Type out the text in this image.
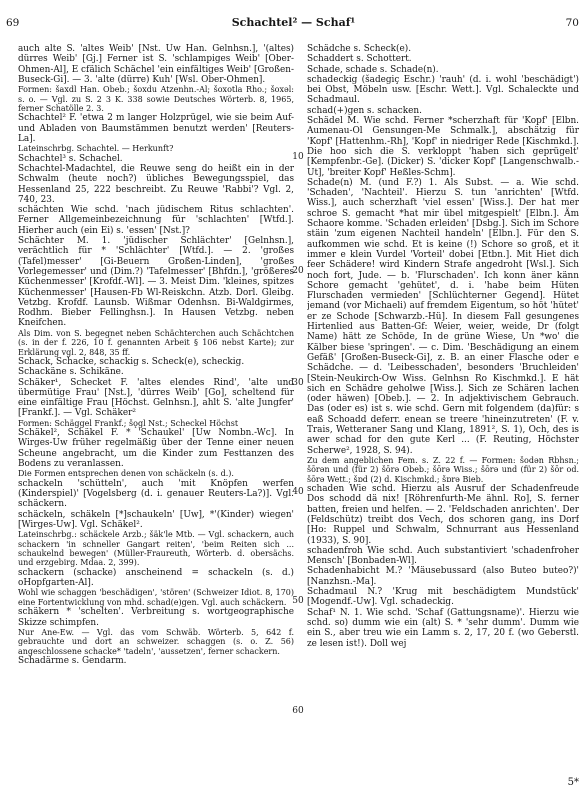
69	Schachtel² — Schaf¹	70

auch alte S. 'altes Weib' [Nst. Uw Han. Gelnhsn.], '(altes) dürres Weib' [Gj.] Ferner ist S. 'schlampiges Weib' [Ober-Ohmen-Al], E cfälich Schächel 'ein einfältiges Weib' [Großen-Buseck-Gi]. — 3. 'alte (dürre) Kuh' [Wsl. Ober-Ohmen].

Formen: šaxdl Han. Obeb.; šoxdu Atzenhn.-Al; šoxotla Rho.; šoxəl: s. o. — Vgl. zu S. 2 3 K. 338 sowie Deutsches Wörterb. 8, 1965, ferner Schatölle 2. 3.

Schachtel² F. 'etwa 2 m langer Holzprügel, wie sie beim Auf- und Abladen von Baumstämmen benutzt werden' [Reuters-La].

Lateinschrbg. Schachtel. — Herkunft?

Schachtel³ s. Schachel.

Schachtel-Madachtel, die Reuwe seng do heißt ein in der Schwalm (heute noch?) übliches Bewegungsspiel, das Hessenland 25, 222 beschreibt. Zu Reuwe 'Rabbi'? Vgl. 2, 740, 23.

schächten Wie schd. 'nach jüdischem Ritus schlachten'. Ferner Allgemeinbezeichnung für 'schlachten' [Wtfd.]. Hierher auch (ein Ei) s. 'essen' [Nst.]?

Schächter M. 1. 'jüdischer Schlächter' [Gelnhsn.], verächtlich für * 'Schlächter' [Wtfd.]. — 2. 'großes (Tafel)messer' [Gi-Beuern Großen-Linden], 'großes Vorlegemesser' und (Dim.?) 'Tafelmesser' [Bhfdn.], 'größeres Küchenmesser' [Krofdf.-Wl]. — 3. Meist Dim. 'kleines, spitzes Küchenmesser' [Hausen-Fb Wl-Reiskchn. Atzb. Dorl. Gleibg. Vetzbg. Krofdf. Launsb. Wißmar Odenhsn. Bi-Waldgirmes, Rodhm. Bieber Fellinghsn.]. In Hausen Vetzbg. neben Kneifchen.

Als Dim. von S. begegnet neben Schächterchen auch Schächtchen (s. in der f. 226, 10 f. genannten Arbeit § 106 nebst Karte); zur Erklärung vgl. 2, 848, 35 ff.

Schack, Schacke, schackig s. Scheck(e), scheckig.

Schackäne s. Schikäne.

Schäker¹, Schecket F. 'altes elendes Rind', 'alte und übermütige Frau' [Nst.], 'dürres Weib' [Go], scheltend für eine einfältige Frau [Höchst. Gelnhsn.], ahlt S. 'alte Jungfer' [Frankf.]. — Vgl. Schäker²

Formen: Schäggel Frankf.; šǫgl Nst.; Scheckel Höchst

Schäkel², Schäkel F. * 'Schaukel' [Uw Nombn.-Wc]. In Wirges-Uw früher regelmäßig über der Tenne einer neuen Scheune angebracht, um die Kinder zum Festtanzen des Bodens zu veranlassen.

Die Formen entsprechen denen von schäckeln (s. d.).

schackeln 'schütteln', auch 'mit Knöpfen werfen (Kinderspiel)' [Vogelsberg (d. i. genauer Reuters-La?)]. Vgl. schäckern.

schäckeln, schäkeln [*]schaukeln' [Uw], *'(Kinder) wiegen' [Wirges-Uw]. Vgl. Schäkel².

Lateinschrbg.: schäckele Arzb.; šäk'le Mtb. — Vgl. schackern, auch schackern 'in schneller Gangart reiten', 'beim Reiten sich ... schaukelnd bewegen' (Müller-Fraureuth, Wörterb. d. obersächs. und erzgebirg. Mdaa. 2, 399).

schackern (schacke) anscheinend = schackeln (s. d.) oHopfgarten-Al].

Wohl wie schaggen 'beschädigen', 'stören' (Schweizer Idiot. 8, 170) eine Fortentwicklung von mhd. schad(e)gen. Vgl. auch schäckern.

schäkern * 'schelten'. Verbreitung s. wortgeographische Skizze schimpfen.

Nur Ane-Ew. — Vgl. das vom Schwäb. Wörterb. 5, 642 f. gebrauchte und dort an schweizer. schaggen (s. o. Z. 56) angeschlossene schacke* 'tadeln', 'aussetzen', ferner schackern.

Schadärme s. Gendarm.

10
20
30
40
50
60

Schädche s. Scheck(e).

Schaddert s. Schottert.

Schade, schade s. Schade(n).

schadeckig (šadegiç Eschr.) 'rauh' (d. i. wohl 'beschädigt') bei Obst, Möbeln usw. [Eschr. Wett.]. Vgl. Schaleckte und Schadmaul.

schad(+)gen s. schacken.

Schädel M. Wie schd. Ferner *scherzhaft für 'Kopf' [Elbn. Aumenau-Ol Gensungen-Me Schmalk.], abschätzig für 'Kopf' [Hattenhm.-Rh], 'Kopf' in niedriger Rede [Kischmkd.]. Die hoo sich die S. verkloppt 'haben sich geprügelt' [Kempfenbr.-Ge]. (Dicker) S. 'dicker Kopf' [Langenschwalb.-Ut], 'breiter Kopf' Heßles-Schm].

Schade(n) M. (und F.?) 1. Als Subst. — a. Wie schd. 'Schaden', 'Nachteil'. Hierzu S. tun 'anrichten' [Wtfd. Wiss.], auch scherzhaft 'viel essen' [Wiss.]. Der hat mer schroe S. gemacht *hat mir übel mitgespielt' [Elbn.]. Äm Schaore komme. 'Schaden erleiden' [Dsbg.]. Sich im Schore stäin 'zum eigenen Nachteil handeln' [Elbn.]. Für den S. aufkommen wie schd. Et is keine (!) Schore so groß, et it immer e klein Vurdel 'Vorteil' dobei [Etbn.]. Mit Hiet dich feer Schädere! wird Kindern Strafe angedroht [Wsl.]. Sich noch fort, Jude. — b. 'Flurschaden'. Ich konn äner känn Schore gemacht 'gehütet', d. i. 'habe beim Hüten Flurschaden vermieden' [Schlüchterner Gegend]. Hütet jemand (vor Michaeli) auf fremdem Eigentum, so höt 'hütet' er ze Schode [Schwarzb.-Hü]. In diesem Fall gesungenes Hirtenlied aus Batten-Gf: Weier, weier, weide, Dr (folgt Name) hätt ze Schöde, In de grüne Wiese, Un *wo' die Kälber biese 'springen'. — c. Dim. 'Beschädigung an einem Gefäß' [Großen-Buseck-Gi], z. B. an einer Flasche oder e Schädche. — d. 'Leibesschaden', besonders 'Bruchleiden' [Stein-Neukirch-Ow Wiss. Gelnhsn Ro Kischmkd.]. E hät sich en Schädre geholwe [Wiss.]. Sich ze Schären lachen (oder häwen) [Obeb.]. — 2. In adjektivischem Gebrauch. Das (oder es) ist s. wie schd. Gern mit folgendem (da)für: s eaß Schoadd deferr. enean se treere 'hineinzutreten' (F. v. Trais, Wetteraner Sang und Klang, 1891², S. 1), Och, des is awer schad for den gute Kerl ... (F. Reuting, Höchster Scherwe², 1928, S. 94).

Zu dem angeblichen Fem. s. Z. 22 f. — Formen: šodən Rbhsn.; šōrən und (für 2) šōrə Obeb.; šōrə Wiss.; šōrə und (für 2) šōr od. šōrə Wett.; šɒd (2) d. Kischmkd.; šɒrə Bieb.

schaden Wie schd. Hierzu als Ausruf der Schadenfreude Dos schodd dä nix! [Röhrenfurth-Me ähnl. Ro], S. ferner batten, freien und helfen. — 2. 'Feldschaden anrichten'. Der (Feldschütz) treibt dos Vech, dos schoren gang, ins Dorf [Ho: Ruppel und Schwalm, Schnurrant aus Hessenland (1933), S. 90].

schadenfroh Wie schd. Auch substantiviert 'schadenfroher Mensch' [Bonbaden-Wl].

Schadenhabicht M.? 'Mäusebussard (also Buteo buteo?)' [Nanzhsn.-Ma].

Schadmaul N.? 'Krug mit beschädigtem Mundstück' [Mogendf.-Uw]. Vgl. schadeckig.

Schaf¹ N. 1. Wie schd. 'Schaf (Gattungsname)'. Hierzu wie schd. so) dumm wie ein (alt) S. * 'sehr dumm'. Dumm wie ein S., aber treu wie ein Lamm s. 2, 17, 20 f. (wo Geberstl. ze lesen ist!). Doll wej

5*
